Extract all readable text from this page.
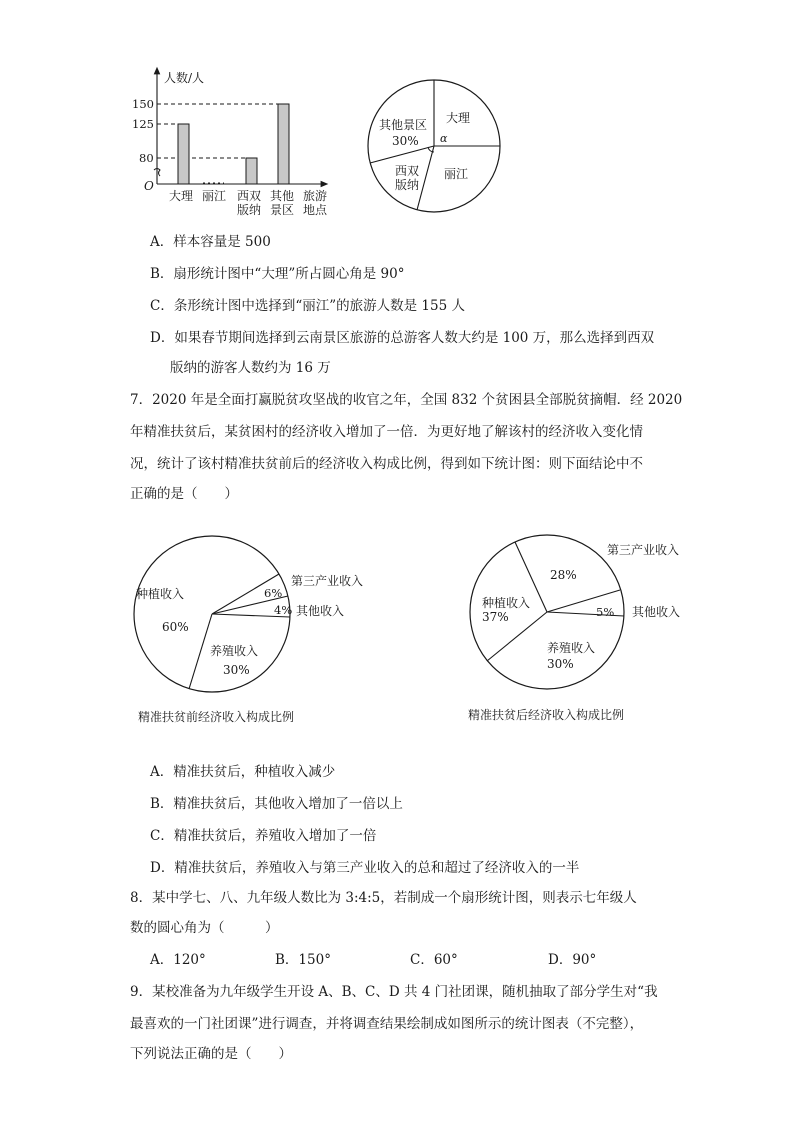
人数/人
150
125
80
O
大理 丽江 西双
版纳
其他
景区
旅游
地点
大理
其他景区
30%
西双
版纳
丽江
α
A．样本容量是 500
B．扇形统计图中“大理”所占圆心角是 90°
C．条形统计图中选择到“丽江”的旅游人数是 155 人
D．如果春节期间选择到云南景区旅游的总游客人数大约是 100 万，那么选择到西双
版纳的游客人数约为 16 万
7．2020 年是全面打赢脱贫攻坚战的收官之年，全国 832 个贫困县全部脱贫摘帽．经 2020
年精准扶贫后，某贫困村的经济收入增加了一倍．为更好地了解该村的经济收入变化情
况，统计了该村精准扶贫前后的经济收入构成比例，得到如下统计图：则下面结论中不
正确的是（　　）
种植收入
60%
养殖收入
30%
6%
4%
第三产业收入
其他收入
精准扶贫前经济收入构成比例
28%
种植收入
37%	5%
养殖收入
30%
第三产业收入
其他收入
精准扶贫后经济收入构成比例
A．精准扶贫后，种植收入减少
B．精准扶贫后，其他收入增加了一倍以上
C．精准扶贫后，养殖收入增加了一倍
D．精准扶贫后，养殖收入与第三产业收入的总和超过了经济收入的一半
8．某中学七、八、九年级人数比为 3:4:5，若制成一个扇形统计图，则表示七年级人
数的圆心角为（　　　）
A．120°	B．150°	C．60°	D．90°
9．某校准备为九年级学生开设 A、B、C、D 共 4 门社团课，随机抽取了部分学生对“我
最喜欢的一门社团课”进行调查，并将调查结果绘制成如图所示的统计图表（不完整），
下列说法正确的是（　　）
